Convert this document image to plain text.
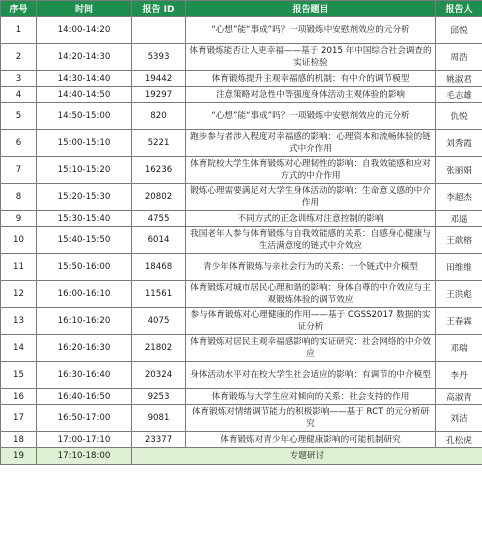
序号	时间	报告 ID	报告题目	报告人
1	14:00-14:20		“心想”能“事成”吗？一项锻炼中安慰剂效应的元分析	邱悦
2	14:20-14:30	5393	体育锻炼能否让人更幸福——基于 2015 年中国综合社会调查的实证检验	周浩
3	14:30-14:40	19442	体育锻炼提升主观幸福感的机制：有中介的调节模型	姚淑君
4	14:40-14:50	19297	注意策略对急性中等强度身体活动主观体验的影响	毛志雄
5	14:50-15:00	820	“心想”能“事成”吗？一项锻炼中安慰剂效应的元分析	仇悦
6	15:00-15:10	5221	跑步参与者涉入程度对幸福感的影响：心理资本和流畅体验的链式中介作用	刘秀霞
7	15:10-15:20	16236	体育院校大学生体育锻炼对心理韧性的影响：自我效能感和应对方式的中介作用	张丽娟
8	15:20-15:30	20802	锻炼心理需要满足对大学生身体活动的影响：生命意义感的中介作用	李超杰
9	15:30-15:40	4755	不同方式的正念训练对注意控制的影响	邓遥
10	15:40-15:50	6014	我国老年人参与体育锻炼与自我效能感的关系：自感身心健康与生活满意度的链式中介效应	王歆榕
11	15:50-16:00	18468	青少年体育锻炼与亲社会行为的关系：一个链式中介模型	田维维
12	16:00-16:10	11561	体育锻炼对城市居民心理和谐的影响：身体自尊的中介效应与主观锻炼体验的调节效应	王洪彪
13	16:10-16:20	4075	参与体育锻炼对心理健康的作用——基于 CGSS2017 数据的实证分析	王春霖
14	16:20-16:30	21802	体育锻炼对居民主观幸福感影响的实证研究：社会网络的中介效应	邓瑞
15	16:30-16:40	20324	身体活动水平对在校大学生社会适应的影响：有调节的中介模型	李丹
16	16:40-16:50	9253	体育锻炼与大学生应对倾向的关系：社会支持的作用	高淑青
17	16:50-17:00	9081	体育锻炼对情绪调节能力的积极影响——基于 RCT 的元分析研究	刘洁
18	17:00-17:10	23377	体育锻炼对青少年心理健康影响的可能机制研究	孔松虎
19	17:10-18:00	专题研讨		
